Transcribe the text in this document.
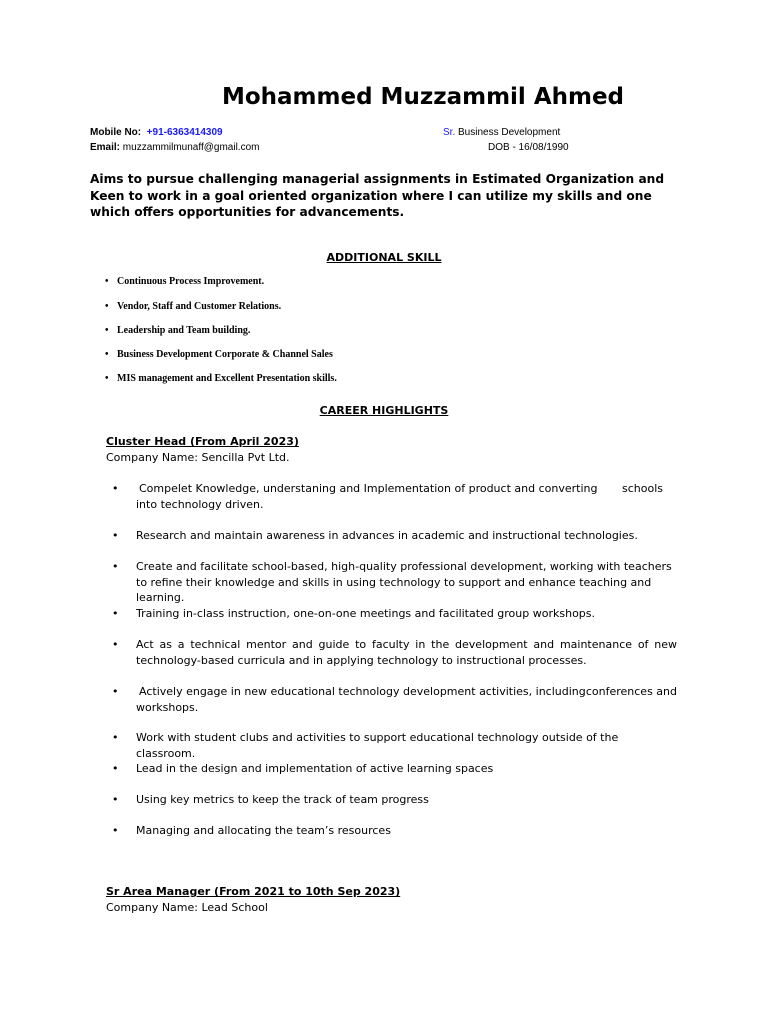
Mohammed Muzzammil Ahmed
Mobile No: +91-6363414309	Sr. Business Development
Email: muzzammilmunaff@gmail.com	DOB - 16/08/1990
Aims to pursue challenging managerial assignments in Estimated Organization and Keen to work in a goal oriented organization where I can utilize my skills and one which offers opportunities for advancements.
ADDITIONAL SKILL
• Continuous Process Improvement.
• Vendor, Staff and Customer Relations.
• Leadership and Team building.
• Business Development Corporate & Channel Sales
• MIS management and Excellent Presentation skills.
CAREER HIGHLIGHTS
Cluster Head (From April 2023)
Company Name: Sencilla Pvt Ltd.
• Compelet Knowledge, understaning and Implementation of product and converting schools
into technology driven.
• Research and maintain awareness in advances in academic and instructional technologies.
• Create and facilitate school-based, high-quality professional development, working with teachers to refine their knowledge and skills in using technology to support and enhance teaching and learning.
• Training in-class instruction, one-on-one meetings and facilitated group workshops.
• Act as a technical mentor and guide to faculty in the development and maintenance of new technology-based curricula and in applying technology to instructional processes.
• Actively engage in new educational technology development activities, including conferences and
workshops.
• Work with student clubs and activities to support educational technology outside of the classroom.
• Lead in the design and implementation of active learning spaces
• Using key metrics to keep the track of team progress
• Managing and allocating the team’s resources
Sr Area Manager (From 2021 to 10th Sep 2023)
Company Name: Lead School
